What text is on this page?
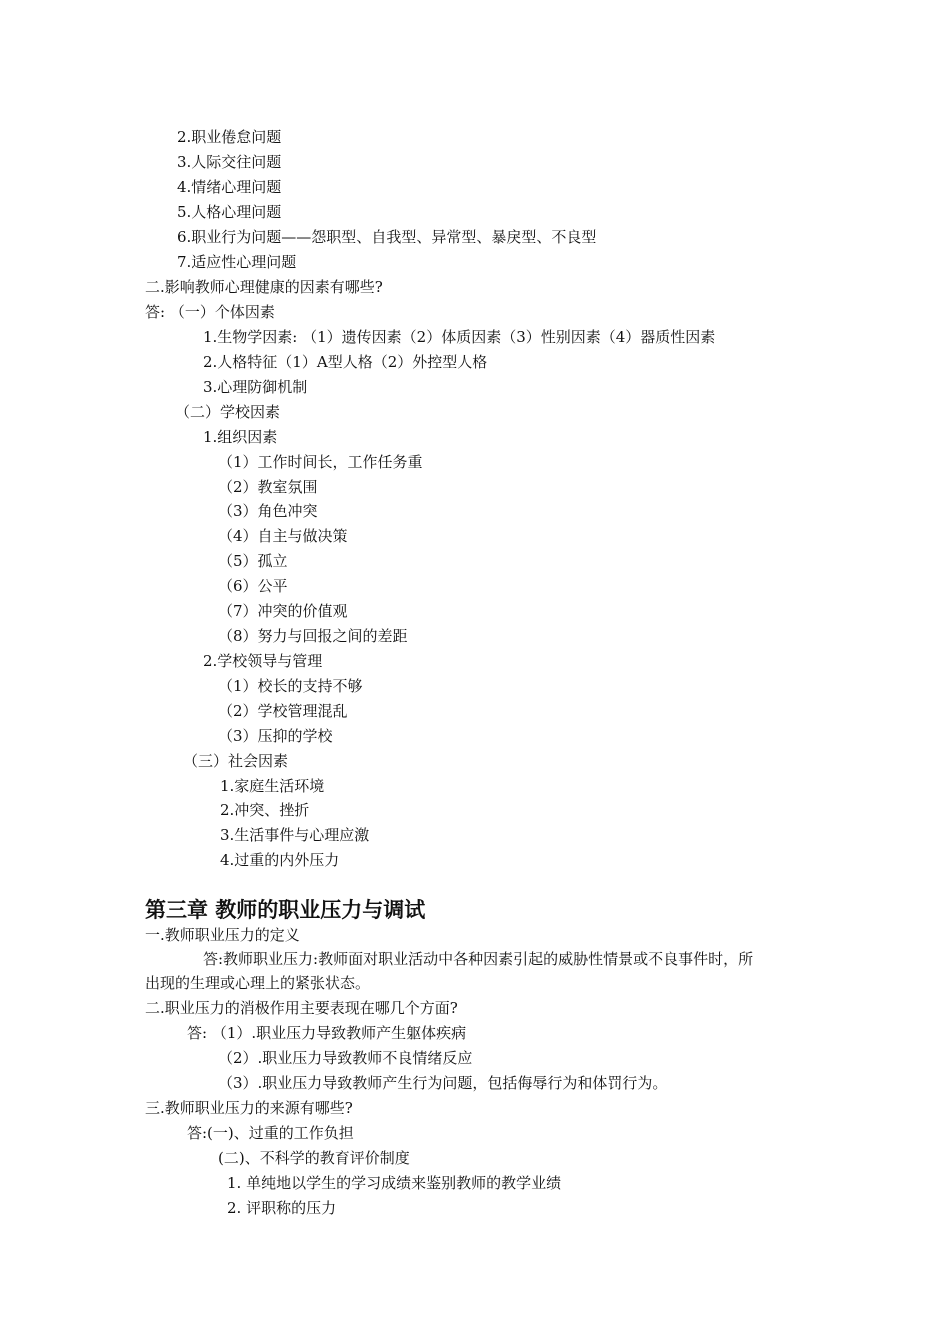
2.职业倦怠问题
3.人际交往问题
4.情绪心理问题
5.人格心理问题
6.职业行为问题——怨职型、自我型、异常型、暴戾型、不良型
7.适应性心理问题
二.影响教师心理健康的因素有哪些?
答: （一）个体因素
1.生物学因素: （1）遗传因素（2）体质因素（3）性别因素（4）器质性因素
2.人格特征（1）A型人格（2）外控型人格
3.心理防御机制
（二）学校因素
1.组织因素
（1）工作时间长，工作任务重
（2）教室氛围
（3）角色冲突
（4）自主与做决策
（5）孤立
（6）公平
（7）冲突的价值观
（8）努力与回报之间的差距
2.学校领导与管理
（1）校长的支持不够
（2）学校管理混乱
（3）压抑的学校
（三）社会因素
1.家庭生活环境
2.冲突、挫折
3.生活事件与心理应激
4.过重的内外压力
第三章 教师的职业压力与调试
一.教师职业压力的定义
答:教师职业压力:教师面对职业活动中各种因素引起的威胁性情景或不良事件时，所
出现的生理或心理上的紧张状态。
二.职业压力的消极作用主要表现在哪几个方面?
答: （1）.职业压力导致教师产生躯体疾病
（2）.职业压力导致教师不良情绪反应
（3）.职业压力导致教师产生行为问题，包括侮辱行为和体罚行为。
三.教师职业压力的来源有哪些?
答:(一)、过重的工作负担
(二)、不科学的教育评价制度
1. 单纯地以学生的学习成绩来鉴别教师的教学业绩
2. 评职称的压力
